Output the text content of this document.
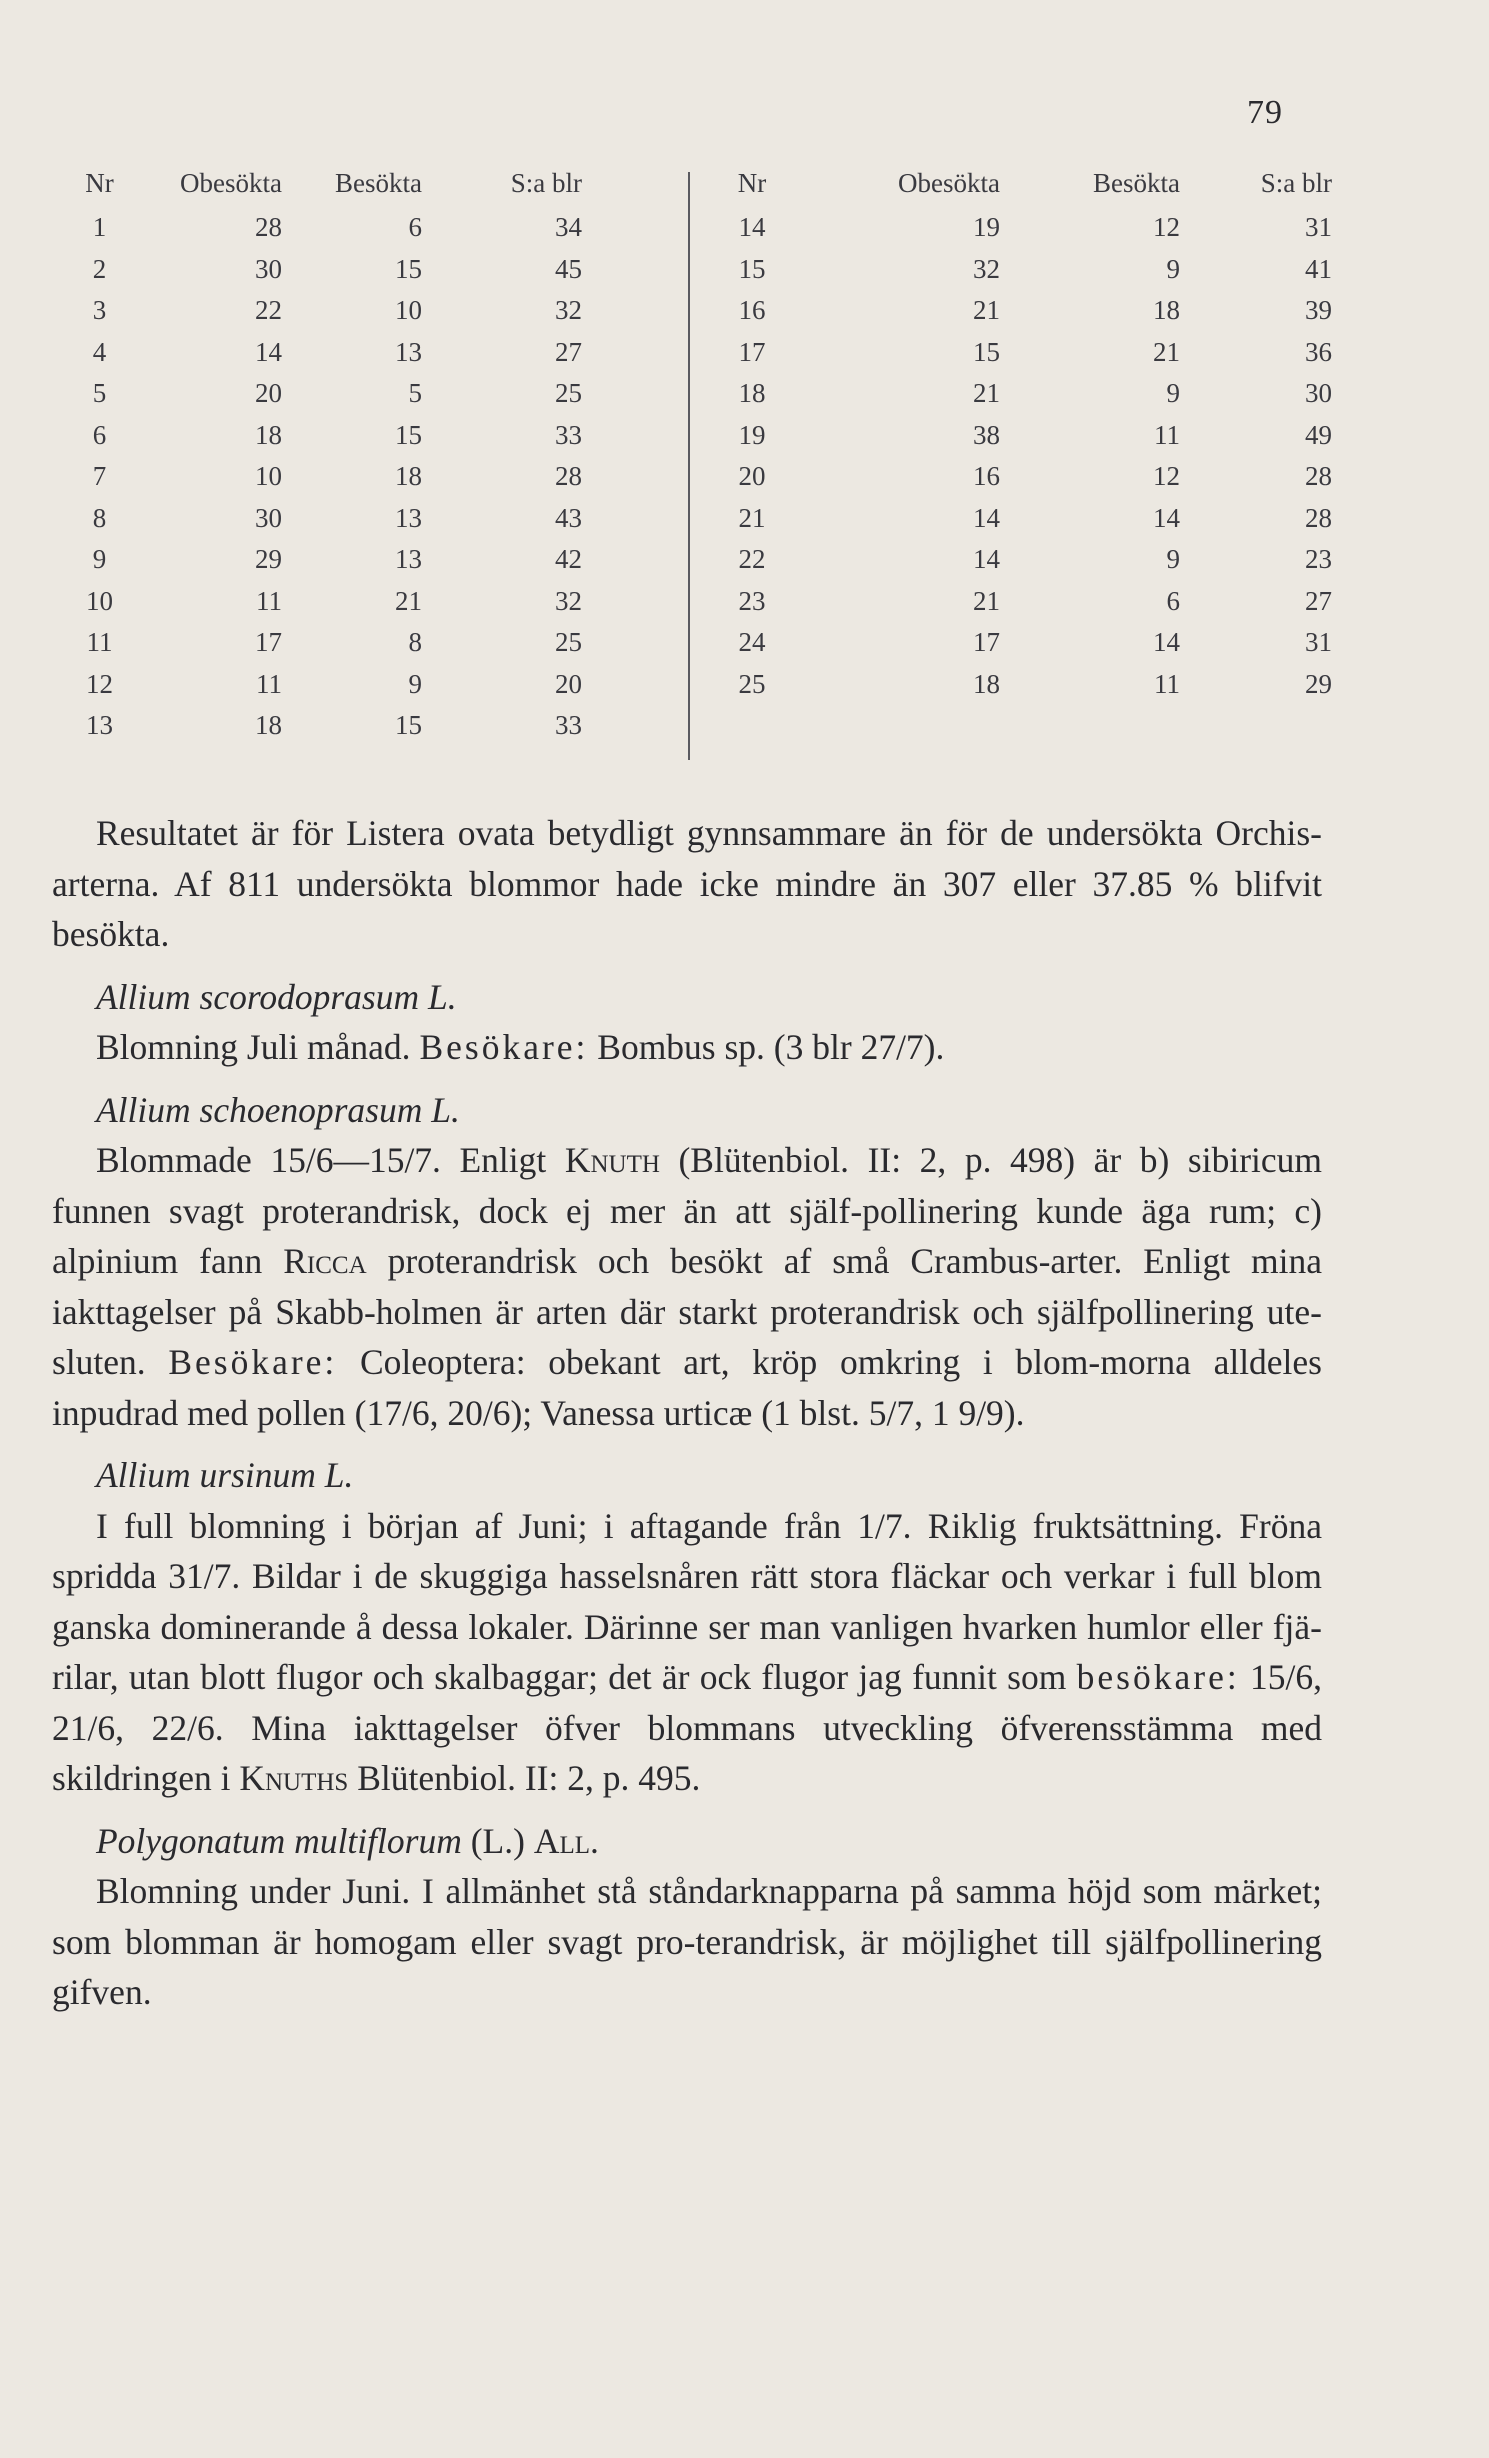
79
Nr	Obesökta	Besökta	S:a blr
1	28	6	34
2	30	15	45
3	22	10	32
4	14	13	27
5	20	5	25
6	18	15	33
7	10	18	28
8	30	13	43
9	29	13	42
10	11	21	32
11	17	8	25
12	11	9	20
13	18	15	33
Nr	Obesökta	Besökta	S:a blr
14	19	12	31
15	32	9	41
16	21	18	39
17	15	21	36
18	21	9	30
19	38	11	49
20	16	12	28
21	14	14	28
22	14	9	23
23	21	6	27
24	17	14	31
25	18	11	29

Resultatet är för Listera ovata betydligt gynnsammare än för de undersökta Orchis-arterna. Af 811 undersökta blommor hade icke mindre än 307 eller 37.85 % blifvit besökta.

Allium scorodoprasum L.

Blomning Juli månad. Besökare: Bombus sp. (3 blr 27/7).

Allium schoenoprasum L.

Blommade 15/6—15/7. Enligt Knuth (Blütenbiol. II: 2, p. 498) är b) sibiricum funnen svagt proterandrisk, dock ej mer än att själf-pollinering kunde äga rum; c) alpinium fann Ricca proterandrisk och besökt af små Crambus-arter. Enligt mina iakttagelser på Skabb-holmen är arten där starkt proterandrisk och själfpollinering ute-sluten. Besökare: Coleoptera: obekant art, kröp omkring i blom-morna alldeles inpudrad med pollen (17/6, 20/6); Vanessa urticæ (1 blst. 5/7, 1 9/9).

Allium ursinum L.

I full blomning i början af Juni; i aftagande från 1/7. Riklig fruktsättning. Fröna spridda 31/7. Bildar i de skuggiga hasselsnåren rätt stora fläckar och verkar i full blom ganska dominerande å dessa lokaler. Därinne ser man vanligen hvarken humlor eller fjä-rilar, utan blott flugor och skalbaggar; det är ock flugor jag funnit som besökare: 15/6, 21/6, 22/6. Mina iakttagelser öfver blommans utveckling öfverensstämma med skildringen i Knuths Blütenbiol. II: 2, p. 495.

Polygonatum multiflorum (L.) All.

Blomning under Juni. I allmänhet stå ståndarknapparna på samma höjd som märket; som blomman är homogam eller svagt pro-terandrisk, är möjlighet till själfpollinering gifven.
